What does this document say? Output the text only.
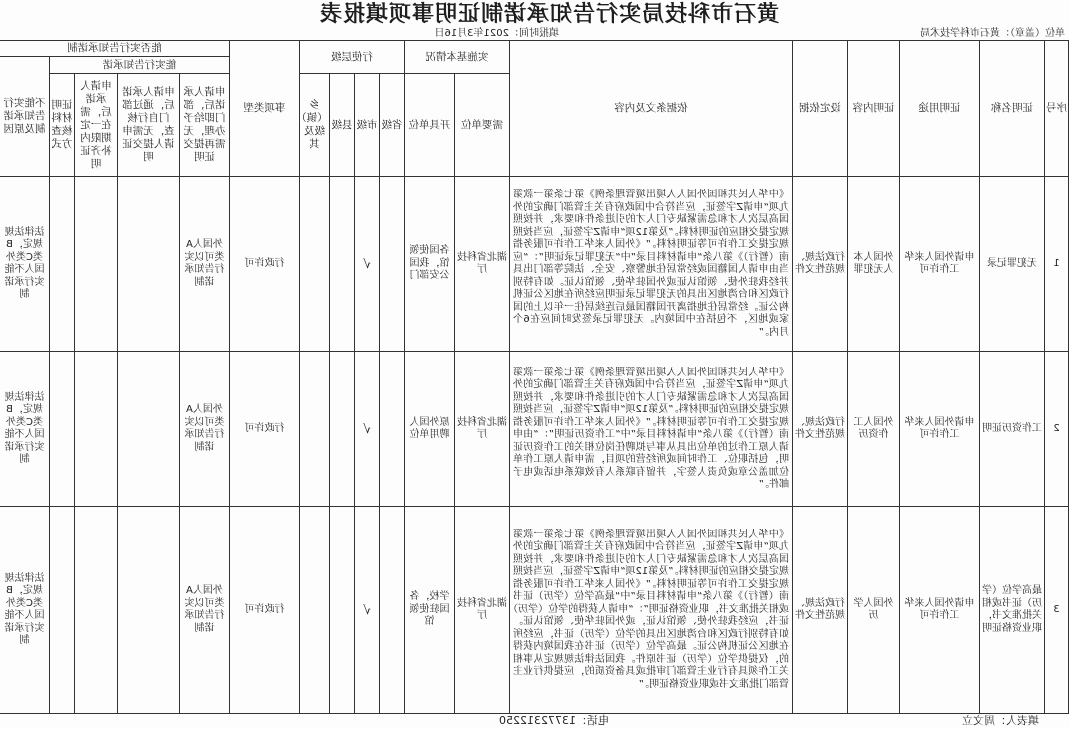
黄石市科技局实行告知承诺制证明事项填报表
单位（盖章）：黄石市科学技术局
填报时间：2021年3月16日
序号	证明名称	证明用途	证明内容	设定依据	依据条文及内容	实施基本情况		行使层级				事项类型	能否实行告知承诺制				
													能实行告知承诺				不能实行告知承诺制及原因
						需要单位	开具单位	省级	市级	县级	乡（镇）级及其		申请人承诺后，部门即给予办理，无需再提交证明	申请人承诺后，通过部门自行核查，无需申请人提交证明	申请人承诺后，需在一定期限内补齐证明	证明材料核查方式	
1	无犯罪记录	申请外国人来华工作许可	外国人本人无犯罪	行政法规、规范性文件	《中华人民共和国外国人入境出境管理条例》第七条第一款第九项“申请Z字签证，应当符合中国政府有关主管部门确定的外国高层次人才和急需紧缺专门人才的引进条件和要求，并按照规定提交相应的证明材料。”及第12项“申请Z字签证，应当按照规定提交工作许可等证明材料。”《外国人来华工作许可服务指南（暂行）》第八条“申请材料目录”中“无犯罪记录证明”：“应当由申请人国籍国或经常居住地警察、安全、法院等部门出具并经我驻外使、领馆认证或外国驻华使、领馆认证。如有特别行政区和台湾地区出具的无犯罪记录证明应经所在地区公证机构公证。经常居住地指离开国籍国最后连续居住一年以上的国家或地区，不包括在中国境内。无犯罪记录签发时间应在6个月内。”	湖北省科技厅	各国使领馆，我国公安部门		√			行政许可	外国人A类可以实行告知承诺制				法律法规规定，B类C类外国人不能实行承诺制
2	工作资历证明	申请外国人来华工作许可	外国人工作资历	行政法规、规范性文件	《中华人民共和国外国人入境出境管理条例》第七条第一款第九项“申请Z字签证，应当符合中国政府有关主管部门确定的外国高层次人才和急需紧缺专门人才的引进条件和要求，并按照规定提交相应的证明材料。”及第12项“申请Z字签证，应当按照规定提交工作许可等证明材料。”《外国人来华工作许可服务指南（暂行）》第八条“申请材料目录”中“工作资历证明”：“由申请人原工作过的单位出具从事与拟聘任岗位相关的工作资历证明，包括职位、工作时间或所经营的项目，需申请人原工作单位加盖公章或负责人签字，并留有联系人有效联系电话或电子邮件。”	湖北省科技厅	原外国人聘用单位		√			行政许可	外国人A类可以实行告知承诺制				法律法规规定，B类C类外国人不能实行承诺制
3	最高学位（学历）证书或相关批准文书，职业资格证明	申请外国人来华工作许可	外国人学历	行政法规、规范性文件	《中华人民共和国外国人入境出境管理条例》第七条第一款第九项“申请Z字签证，应当符合中国政府有关主管部门确定的外国高层次人才和急需紧缺专门人才的引进条件和要求，并按照规定提交相应的证明材料。”及第12项“申请Z字签证，应当按照规定提交工作许可等证明材料。”《外国人来华工作许可服务指南（暂行）》第八条“申请材料目录”中“最高学位（学历）证书或相关批准文书，职业资格证明”：“申请人获得的学位（学历）证书，应经我驻外使、领馆认证，或外国驻华使、领馆认证。如有特别行政区和台湾地区出具的学位（学历）证书，应经所在地区公证机构公证。最高学位（学历）证书在我国境内获得的，仅提供学位（学历）证书原件。我国法律法规规定从事相关工作须具有行业主管部门审批或具备资质的，应提供行业主管部门批准文书或职业资格证明。”	湖北省科技厅	学校，各国驻使领馆		√			行政许可	外国人A类可以实行告知承诺制				法律法规规定，B类C类外国人不能实行承诺制
填表人：周文立
电话：13772312250
